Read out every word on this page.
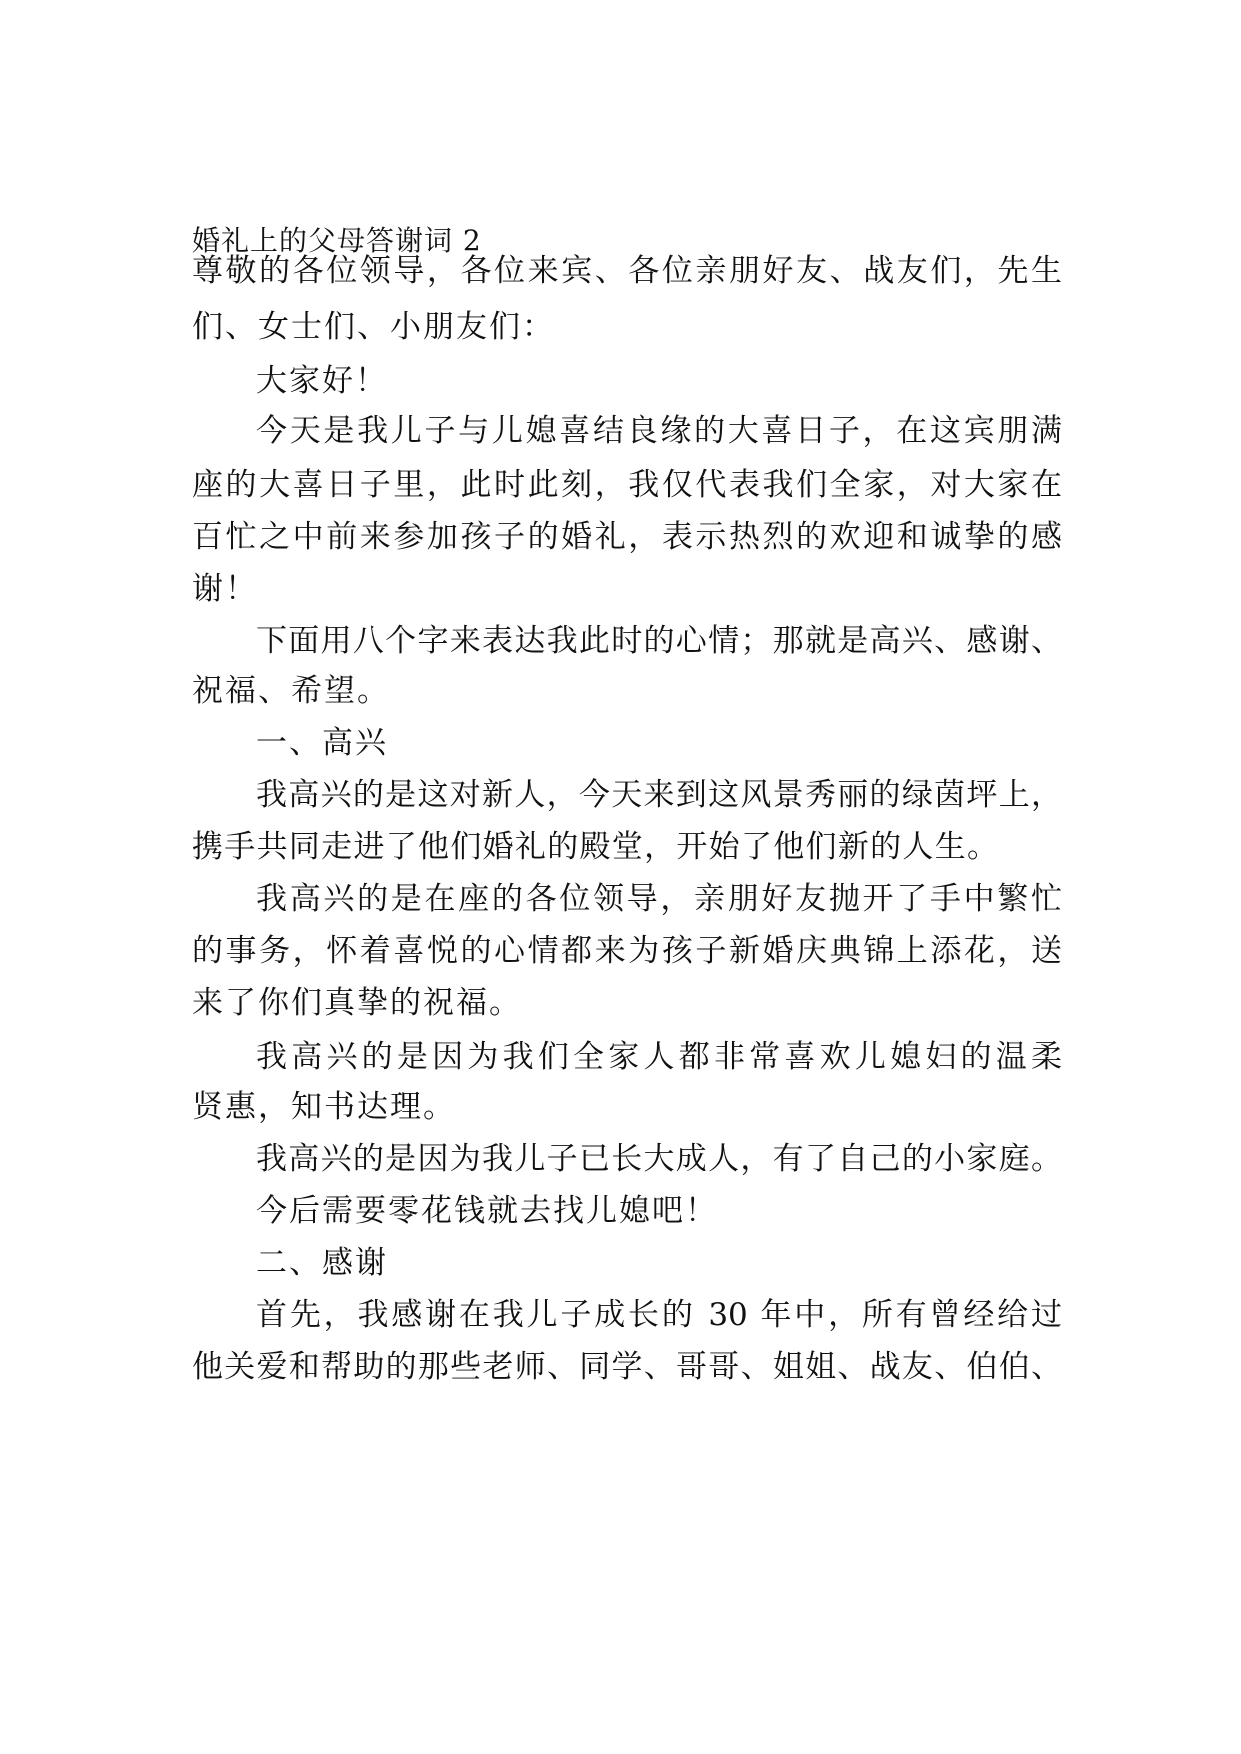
婚礼上的父母答谢词 2
尊敬的各位领导，各位来宾、各位亲朋好友、战友们，先生
们、女士们、小朋友们：
大家好！
今天是我儿子与儿媳喜结良缘的大喜日子，在这宾朋满
座的大喜日子里，此时此刻，我仅代表我们全家，对大家在
百忙之中前来参加孩子的婚礼，表示热烈的欢迎和诚挚的感
谢！
下面用八个字来表达我此时的心情；那就是高兴、感谢、
祝福、希望。
一、高兴
我高兴的是这对新人，今天来到这风景秀丽的绿茵坪上，
携手共同走进了他们婚礼的殿堂，开始了他们新的人生。
我高兴的是在座的各位领导，亲朋好友抛开了手中繁忙
的事务，怀着喜悦的心情都来为孩子新婚庆典锦上添花，送
来了你们真挚的祝福。
我高兴的是因为我们全家人都非常喜欢儿媳妇的温柔
贤惠，知书达理。
我高兴的是因为我儿子已长大成人，有了自己的小家庭。
今后需要零花钱就去找儿媳吧！
二、感谢
首先，我感谢在我儿子成长的 30 年中，所有曾经给过
他关爱和帮助的那些老师、同学、哥哥、姐姐、战友、伯伯、
